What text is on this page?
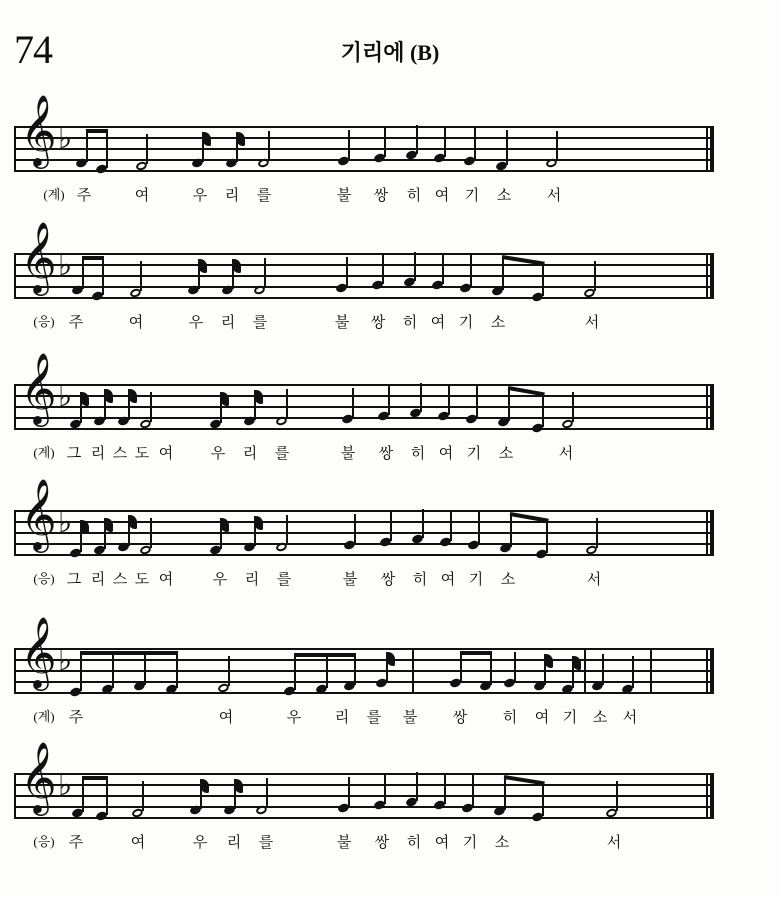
74	기리에 (B)
𝄞 ♭
(계) 주	여	우 리 를	불 쌍 히 여 기 소 서
𝄞 ♭
(응) 주	여	우 리 를	불 쌍 히 여 기 소	서
𝄞 ♭
(계) 그 리 스 도 여	우 리 를	불 쌍 히 여 기 소	서
𝄞 ♭
(응) 그 리 스 도 여	우 리 를	불 쌍 히 여 기 소	서
𝄞 ♭
(계) 주	여	우 리 를 불 쌍 히 여 기 소 서
𝄞 ♭
(응) 주	여	우 리 를	불 쌍 히 여 기 소	서
